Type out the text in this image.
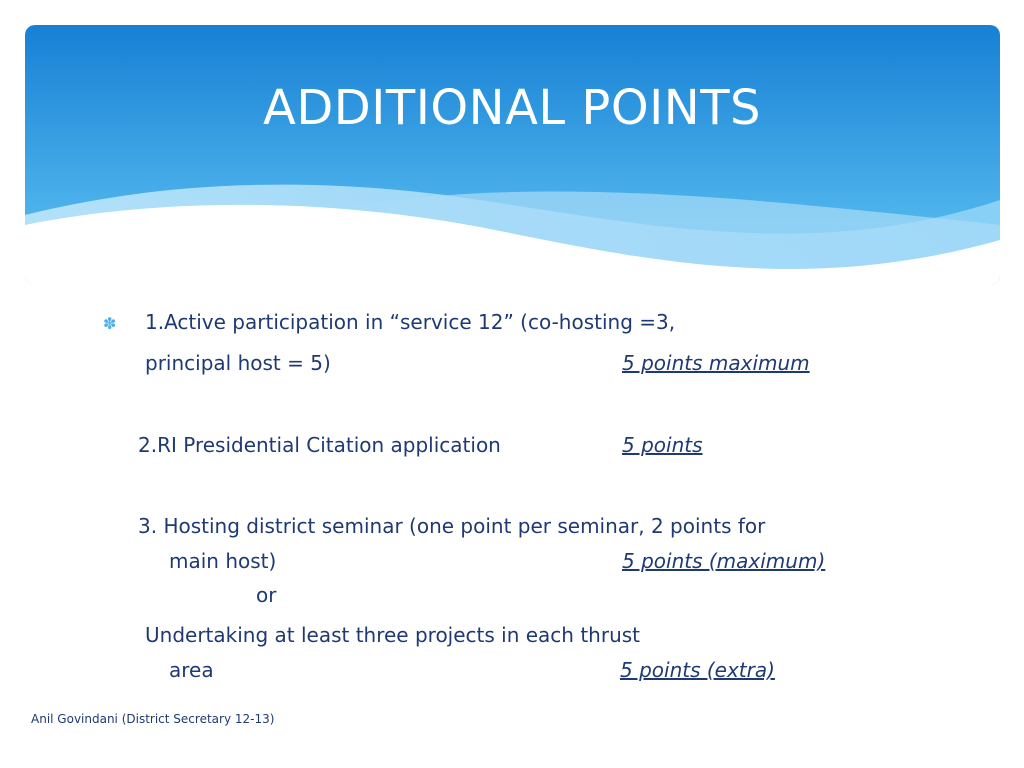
ADDITIONAL POINTS
✽ 1.Active participation in “service 12” (co-hosting =3,
principal host = 5)	5 points maximum
2.RI Presidential Citation application	5 points
3. Hosting district seminar (one point per seminar, 2 points for
main host)	5 points (maximum)
or
Undertaking at least three projects in each thrust
area	5 points (extra)
Anil Govindani (District Secretary 12-13)
